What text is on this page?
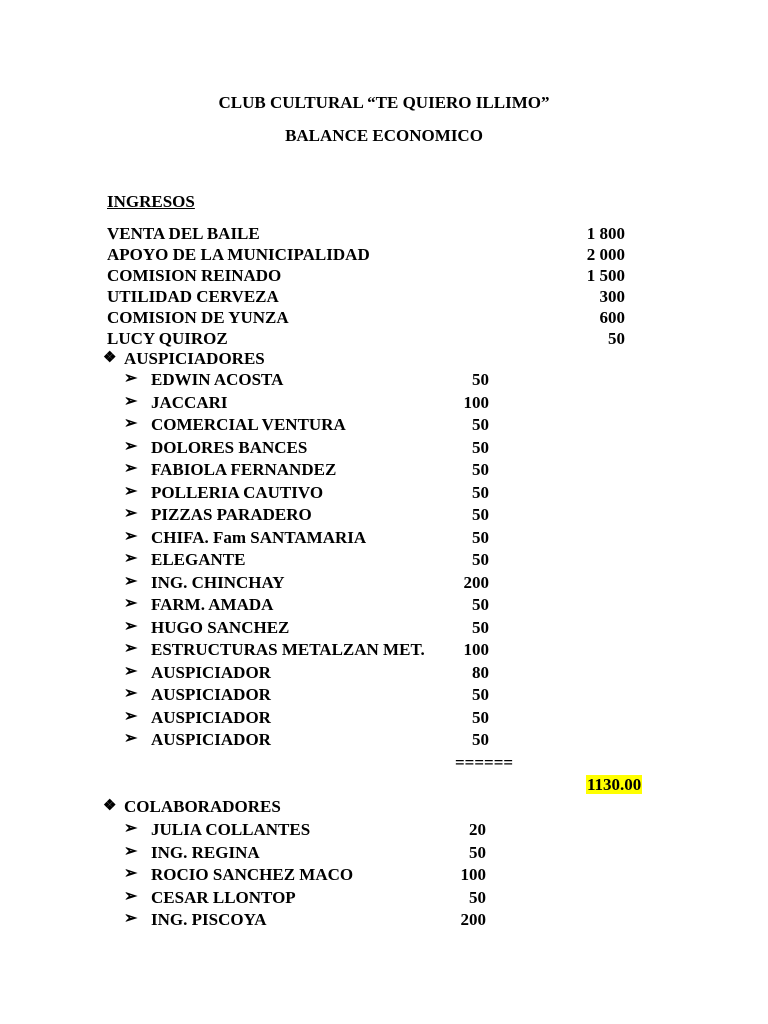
CLUB CULTURAL “TE QUIERO ILLIMO”
BALANCE ECONOMICO
INGRESOS
VENTA DEL BAILE	1 800
APOYO DE LA MUNICIPALIDAD	2 000
COMISION REINADO	1 500
UTILIDAD CERVEZA	300
COMISION DE YUNZA	600
LUCY QUIROZ	50
❖ AUSPICIADORES
➢ EDWIN ACOSTA	50
➢ JACCARI	100
➢ COMERCIAL VENTURA	50
➢ DOLORES BANCES	50
➢ FABIOLA FERNANDEZ	50
➢ POLLERIA CAUTIVO	50
➢ PIZZAS PARADERO	50
➢ CHIFA. Fam SANTAMARIA	50
➢ ELEGANTE	50
➢ ING. CHINCHAY	200
➢ FARM. AMADA	50
➢ HUGO SANCHEZ	50
➢ ESTRUCTURAS METALZAN MET. 100
➢ AUSPICIADOR	80
➢ AUSPICIADOR	50
➢ AUSPICIADOR	50
➢ AUSPICIADOR	50
======
1130.00
❖ COLABORADORES
➢ JULIA COLLANTES	20
➢ ING. REGINA	50
➢ ROCIO SANCHEZ MACO	100
➢ CESAR LLONTOP	50
➢ ING. PISCOYA	200
